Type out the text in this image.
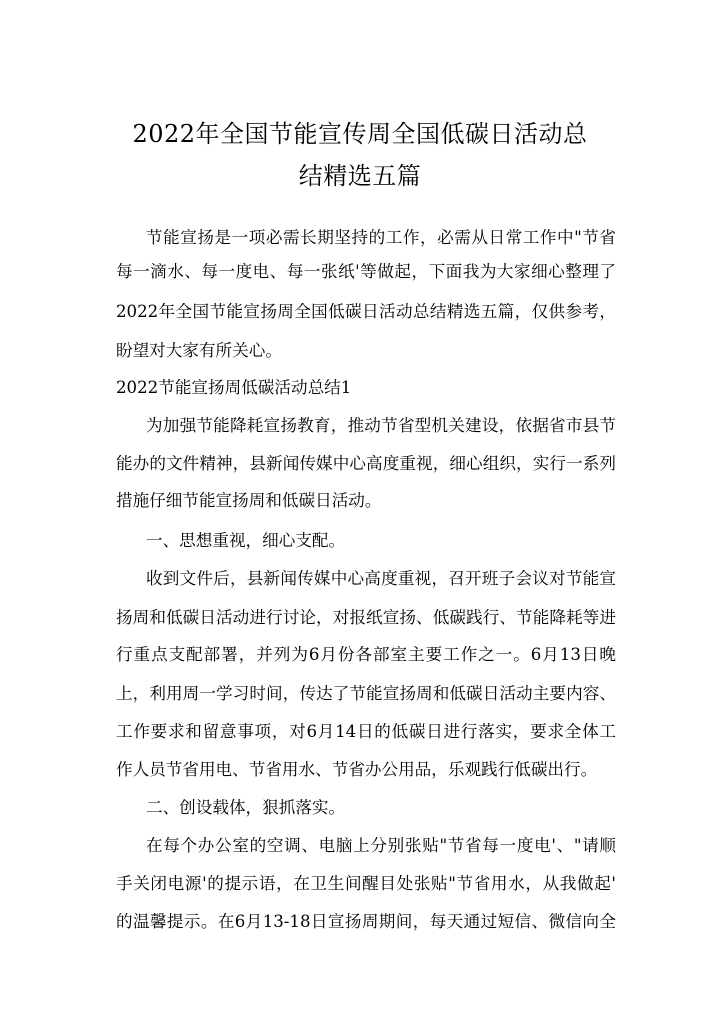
2022年全国节能宣传周全国低碳日活动总
结精选五篇
节能宣扬是一项必需长期坚持的工作，必需从日常工作中"节省
每一滴水、每一度电、每一张纸'等做起，下面我为大家细心整理了
2022年全国节能宣扬周全国低碳日活动总结精选五篇，仅供参考，
盼望对大家有所关心。
2022节能宣扬周低碳活动总结1
为加强节能降耗宣扬教育，推动节省型机关建设，依据省市县节
能办的文件精神，县新闻传媒中心高度重视，细心组织，实行一系列
措施仔细节能宣扬周和低碳日活动。
一、思想重视，细心支配。
收到文件后，县新闻传媒中心高度重视，召开班子会议对节能宣
扬周和低碳日活动进行讨论，对报纸宣扬、低碳践行、节能降耗等进
行重点支配部署，并列为6月份各部室主要工作之一。6月13日晚
上，利用周一学习时间，传达了节能宣扬周和低碳日活动主要内容、
工作要求和留意事项，对6月14日的低碳日进行落实，要求全体工
作人员节省用电、节省用水、节省办公用品，乐观践行低碳出行。
二、创设载体，狠抓落实。
在每个办公室的空调、电脑上分别张贴"节省每一度电'、"请顺
手关闭电源'的提示语，在卫生间醒目处张贴"节省用水，从我做起'
的温馨提示。在6月13-18日宣扬周期间，每天通过短信、微信向全
